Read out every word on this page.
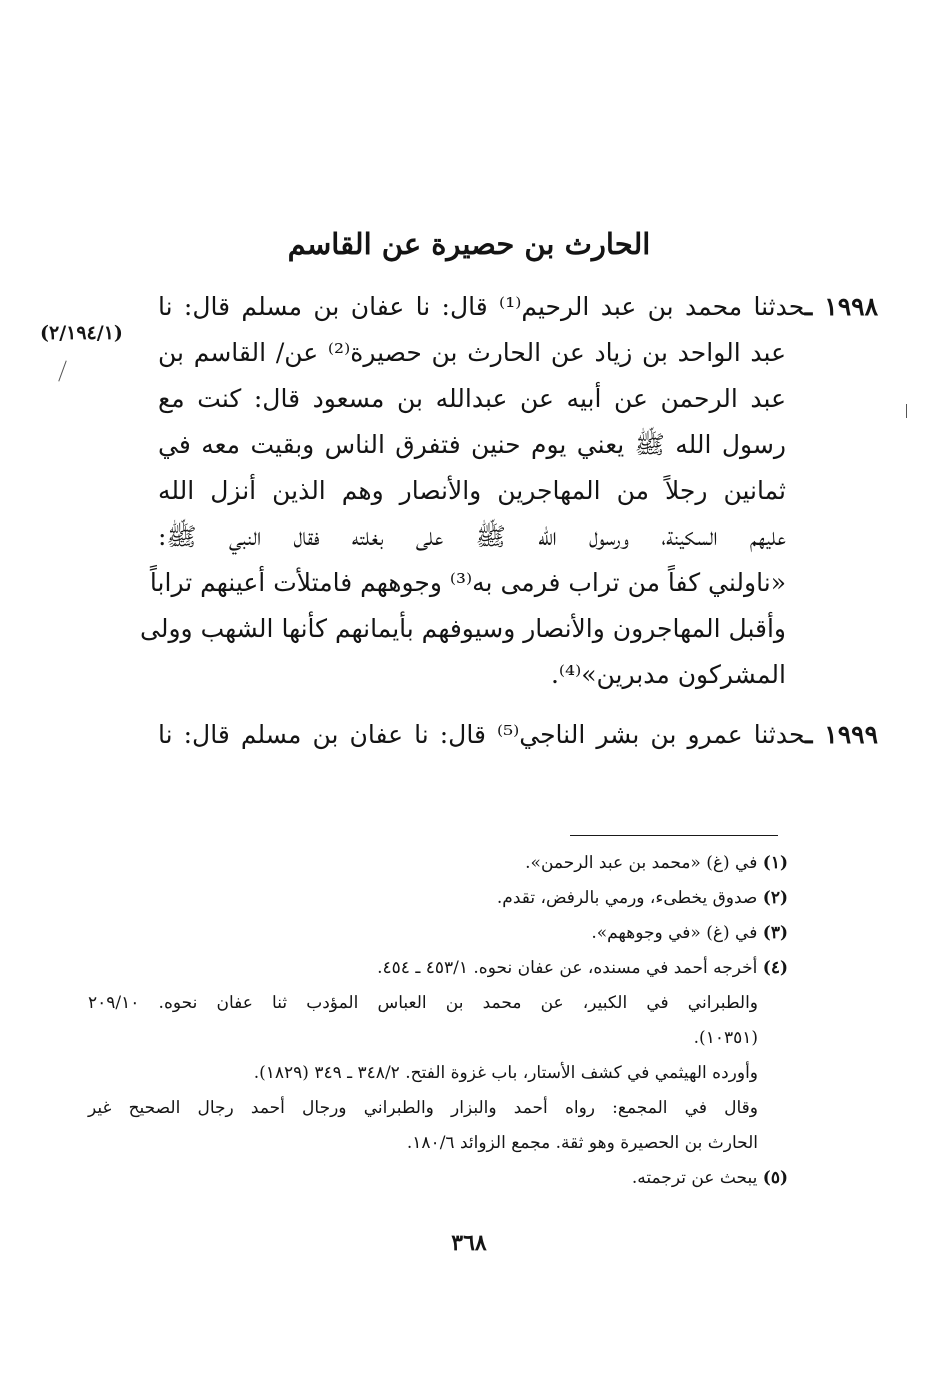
الحارث بن حصيرة عن القاسم
(٢/١٩٤/١)
١٩٩٨ ـحدثنا محمد بن عبد الرحيم⁽¹⁾ قال: نا عفان بن مسلم قال: نا
عبد الواحد بن زياد عن الحارث بن حصيرة⁽²⁾ عن/ القاسم بن
عبد الرحمن عن أبيه عن عبدالله بن مسعود قال: كنت مع
رسول الله ﷺ يعني يوم حنين فتفرق الناس وبقيت معه في
ثمانين رجلاً من المهاجرين والأنصار وهم الذين أنزل الله
عليهم السكينة، ورسول الله ﷺ على بغلته فقال النبي ﷺ:
«ناولني كفاً من تراب فرمى به⁽³⁾ وجوههم فامتلأت أعينهم تراباً
وأقبل المهاجرون والأنصار وسيوفهم بأيمانهم كأنها الشهب وولى
المشركون مدبرين»⁽⁴⁾.
١٩٩٩ ـحدثنا عمرو بن بشر الناجي⁽⁵⁾ قال: نا عفان بن مسلم قال: نا
(١) في (غ) «محمد بن عبد الرحمن».
(٢) صدوق يخطىء، ورمي بالرفض، تقدم.
(٣) في (غ) «في وجوههم».
(٤) أخرجه أحمد في مسنده، عن عفان نحوه. ٤٥٣/١ ـ ٤٥٤.
والطبراني في الكبير، عن محمد بن العباس المؤدب ثنا عفان نحوه. ٢٠٩/١٠
(١٠٣٥١).
وأورده الهيثمي في كشف الأستار، باب غزوة الفتح. ٣٤٨/٢ ـ ٣٤٩ (١٨٢٩).
وقال في المجمع: رواه أحمد والبزار والطبراني ورجال أحمد رجال الصحيح غير
الحارث بن الحصيرة وهو ثقة. مجمع الزوائد ١٨٠/٦.
(٥) يبحث عن ترجمته.
٣٦٨
